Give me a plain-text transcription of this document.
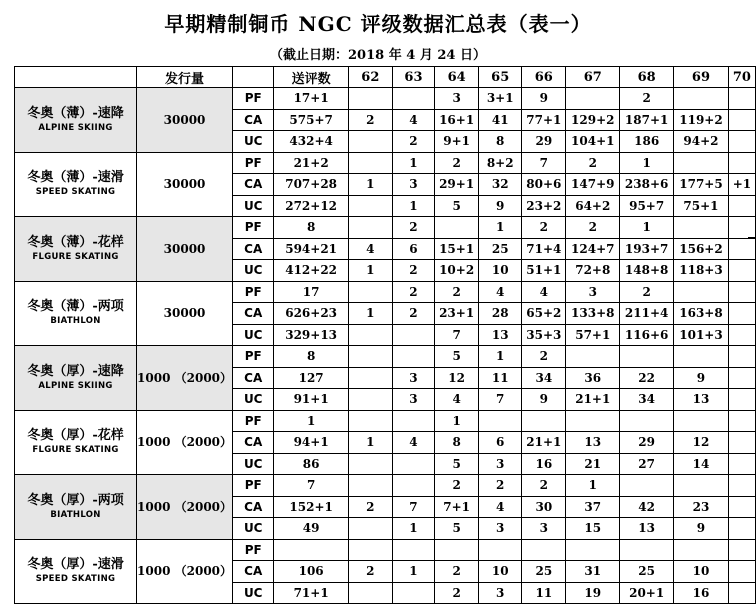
早期精制铜币 NGC 评级数据汇总表（表一）
（截止日期：2018 年 4 月 24 日）
	发行量		送评数	62	63	64	65	66	67	68	69	70

冬奥（薄）-速降
ALPINE SKIING	30000	PF	17+1			3	3+1	9		2		
		CA	575+7	2	4	16+1	41	77+1	129+2	187+1	119+2	
		UC	432+4		2	9+1	8	29	104+1	186	94+2	

冬奥（薄）-速滑
SPEED SKATING	30000	PF	21+2		1	2	8+2	7	2	1		
		CA	707+28	1	3	29+1	32	80+6	147+9	238+6	177+5	+1
		UC	272+12		1	5	9	23+2	64+2	95+7	75+1	

冬奥（薄）-花样
FLGURE SKATING	30000	PF	8		2		1	2	2	1		
		CA	594+21	4	6	15+1	25	71+4	124+7	193+7	156+2	
		UC	412+22	1	2	10+2	10	51+1	72+8	148+8	118+3	

冬奥（薄）-两项
BIATHLON	30000	PF	17		2	2	4	4	3	2		
		CA	626+23	1	2	23+1	28	65+2	133+8	211+4	163+8	
		UC	329+13			7	13	35+3	57+1	116+6	101+3	

冬奥（厚）-速降
ALPINE SKIING	1000 （2000）	PF	8			5	1	2				
		CA	127		3	12	11	34	36	22	9	
		UC	91+1		3	4	7	9	21+1	34	13	

冬奥（厚）-花样
FLGURE SKATING	1000 （2000）	PF	1			1						
		CA	94+1	1	4	8	6	21+1	13	29	12	
		UC	86			5	3	16	21	27	14	

冬奥（厚）-两项
BIATHLON	1000 （2000）	PF	7			2	2	2	1			
		CA	152+1	2	7	7+1	4	30	37	42	23	
		UC	49		1	5	3	3	15	13	9	

冬奥（厚）-速滑
SPEED SKATING	1000 （2000）	PF										
		CA	106	2	1	2	10	25	31	25	10	
		UC	71+1			2	3	11	19	20+1	16	
